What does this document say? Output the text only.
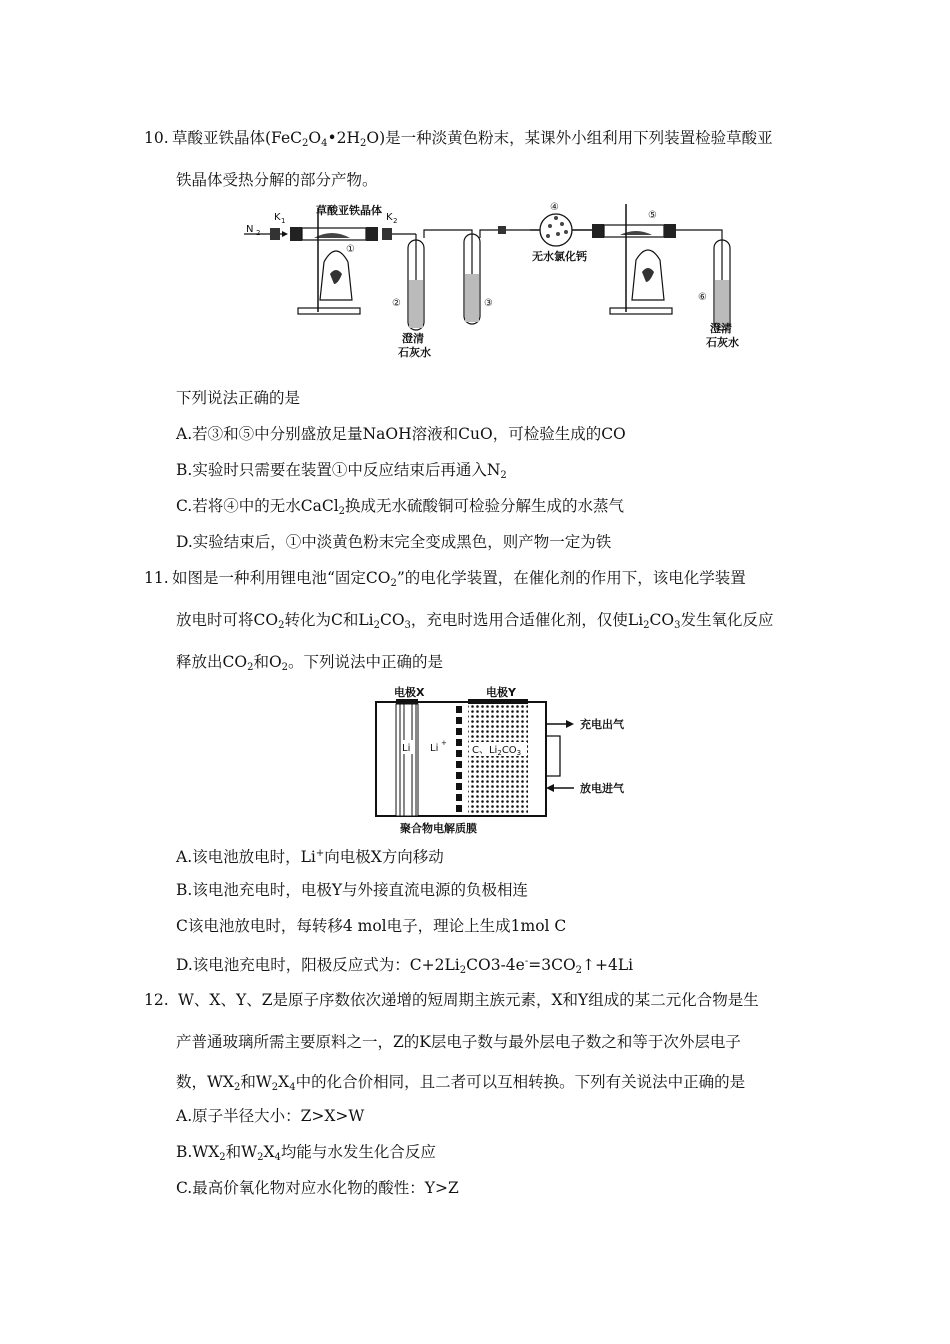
10. 草酸亚铁晶体$(FeC_2O_4•2H_2O)$是一种淡黄色粉末，某课外小组利用下列装置检验草酸亚
铁晶体受热分解的部分产物。
N 2
K 1
草酸亚铁晶体
K 2
①
②
澄清
石灰水
③
④
无水氯化钙
⑤
⑥
澄清
石灰水
下列说法正确的是
A.若③和⑤中分别盛放足量NaOH溶液和CuO，可检验生成的CO
B.实验时只需要在装置①中反应结束后再通入$N_2$
C.若将④中的无水CaCl$_2$换成无水硫酸铜可检验分解生成的水蒸气
D.实验结束后，①中淡黄色粉末完全变成黑色，则产物一定为铁
11. 如图是一种利用锂电池“固定$CO_2$”的电化学装置，在催化剂的作用下，该电化学装置
放电时可将$CO_2$转化为C和$Li_2CO_3$，充电时选用合适催化剂，仅使$Li_2CO_3$发生氧化反应
释放出$CO_2$和$O_2$。下列说法中正确的是
电极X	电极Y
Li Li +
C、$Li_2CO_3$
充电出气
放电进气
聚合物电解质膜
A.该电池放电时，Li+向电极X方向移动
B.该电池充电时，电极Y与外接直流电源的负极相连
C该电池放电时，每转移4 mol电子，理论上生成1mol C
D.该电池充电时，阳极反应式为：$C+2Li_2CO3-4e^-=3CO_2↑+4Li$
12. W、X、Y、Z是原子序数依次递增的短周期主族元素，X和Y组成的某二元化合物是生
产普通玻璃所需主要原料之一，Z的K层电子数与最外层电子数之和等于次外层电子
数，$WX_2$和$W_2X_4$中的化合价相同，且二者可以互相转换。下列有关说法中正确的是
A.原子半径大小：Z>X>W
$B.WX_2$和$W_2X_4$均能与水发生化合反应
C.最高价氧化物对应水化物的酸性：Y>Z
